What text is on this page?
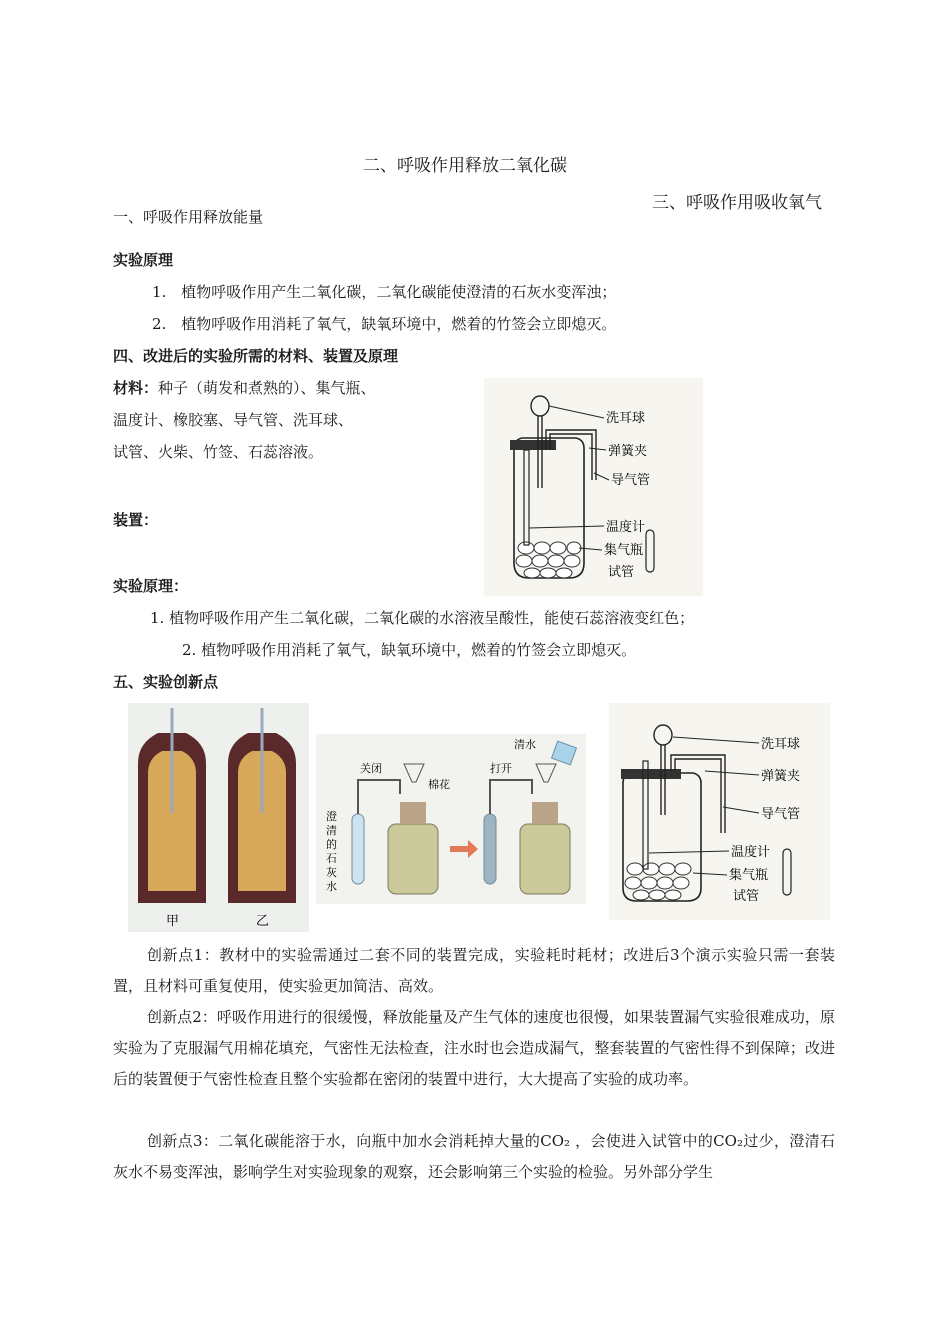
二、呼吸作用释放二氧化碳
三、呼吸作用吸收氧气
一、呼吸作用释放能量
实验原理
1.　植物呼吸作用产生二氧化碳，二氧化碳能使澄清的石灰水变浑浊；
2.　植物呼吸作用消耗了氧气，缺氧环境中，燃着的竹签会立即熄灭。
四、改进后的实验所需的材料、装置及原理
材料：种子（萌发和煮熟的）、集气瓶、
温度计、橡胶塞、导气管、洗耳球、
试管、火柴、竹签、石蕊溶液。
装置：
实验原理：
1. 植物呼吸作用产生二氧化碳，二氧化碳的水溶液呈酸性，能使石蕊溶液变红色；
2. 植物呼吸作用消耗了氧气，缺氧环境中，燃着的竹签会立即熄灭。
五、实验创新点
洗耳球
弹簧夹
导气管
温度计
集气瓶
试管
甲	乙
关闭
棉花
打开
清水
澄
清
的
石
灰
水
洗耳球
弹簧夹
导气管
温度计
集气瓶
试管
创新点1：教材中的实验需通过二套不同的装置完成，实验耗时耗材；改进后3个演示实验只需一套装置，且材料可重复使用，使实验更加简洁、高效。
创新点2：呼吸作用进行的很缓慢，释放能量及产生气体的速度也很慢，如果装置漏气实验很难成功，原实验为了克服漏气用棉花填充，气密性无法检查，注水时也会造成漏气，整套装置的气密性得不到保障；改进后的装置便于气密性检查且整个实验都在密闭的装置中进行，大大提高了实验的成功率。
创新点3：二氧化碳能溶于水，向瓶中加水会消耗掉大量的CO₂ ，会使进入试管中的CO₂过少，澄清石灰水不易变浑浊，影响学生对实验现象的观察，还会影响第三个实验的检验。另外部分学生
